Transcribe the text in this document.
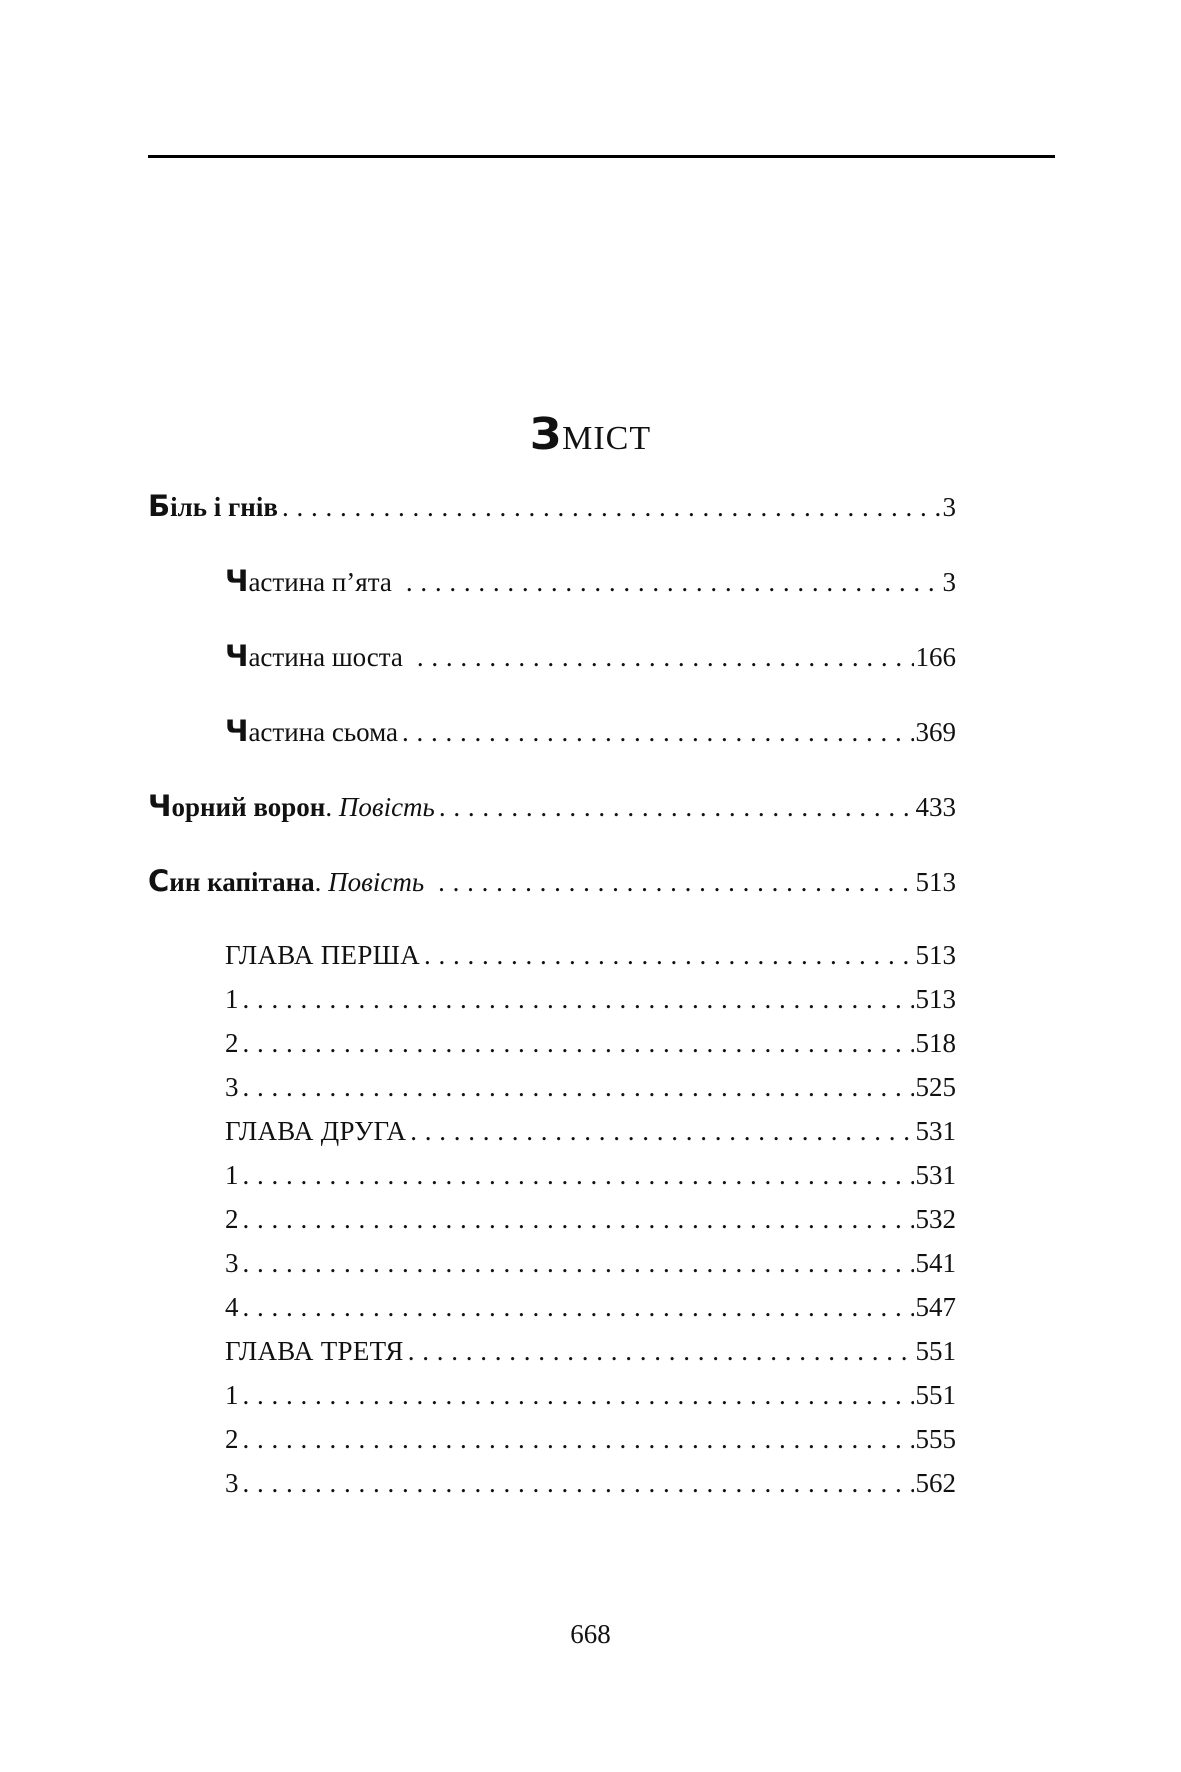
ЗМІСТ
Біль і гнів . . .	3
Частина п’ята . . .	3
Частина шоста . . .	166
Частина сьома . . .	369
Чорний ворон. Повість . . .	433
Син капітана. Повість . . .	513
ГЛАВА ПЕРША . . .	513
1 . . .	513
2 . . .	518
3 . . .	525
ГЛАВА ДРУГА . . .	531
1 . . .	531
2 . . .	532
3 . . .	541
4 . . .	547
ГЛАВА ТРЕТЯ . . .	551
1 . . .	551
2 . . .	555
3 . . .	562
668
